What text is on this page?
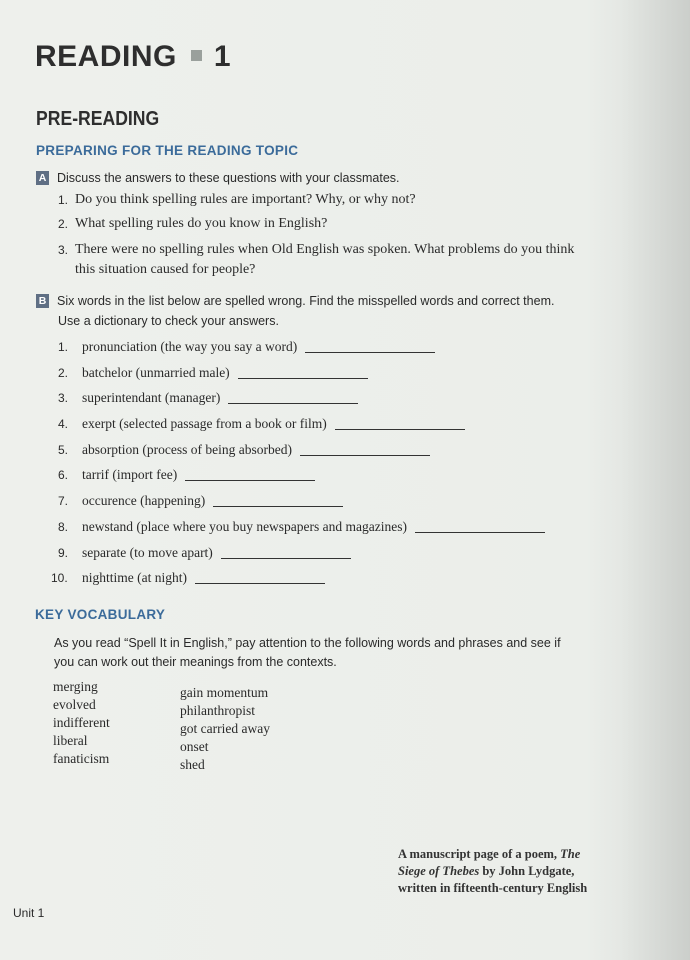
READING 1
PRE-READING
PREPARING FOR THE READING TOPIC
A Discuss the answers to these questions with your classmates.
1. Do you think spelling rules are important? Why, or why not?
2. What spelling rules do you know in English?
3. There were no spelling rules when Old English was spoken. What problems do you think this situation caused for people?
B Six words in the list below are spelled wrong. Find the misspelled words and correct them.
Use a dictionary to check your answers.
1. pronunciation (the way you say a word)
2. batchelor (unmarried male)
3. superintendant (manager)
4. exerpt (selected passage from a book or film)
5. absorption (process of being absorbed)
6. tarrif (import fee)
7. occurence (happening)
8. newstand (place where you buy newspapers and magazines)
9. separate (to move apart)
10. nighttime (at night)
KEY VOCABULARY
As you read “Spell It in English,” pay attention to the following words and phrases and see if
you can work out their meanings from the contexts.
merging
evolved
indifferent
liberal
fanaticism
gain momentum
philanthropist
got carried away
onset
shed
A manuscript page of a poem, The
Siege of Thebes by John Lydgate,
written in fifteenth-century English
Unit 1
